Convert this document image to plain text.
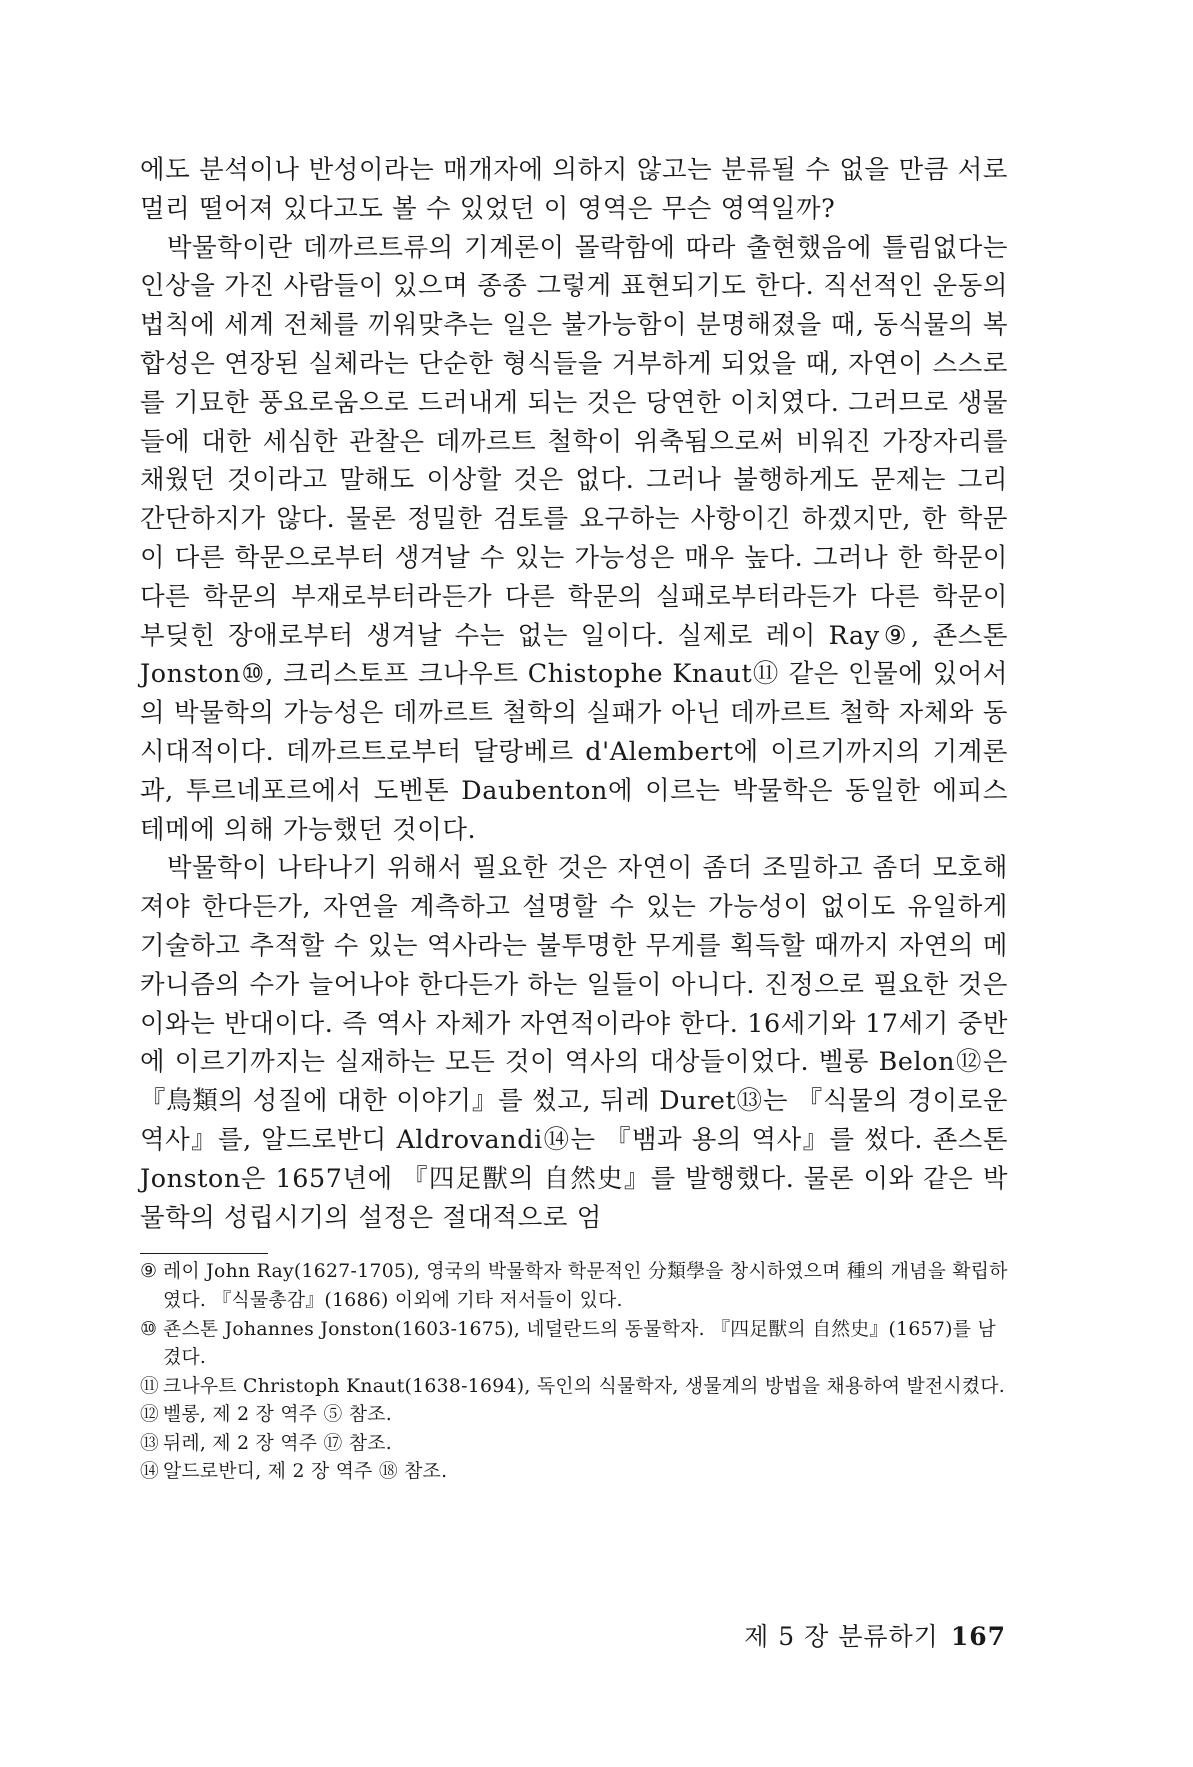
에도 분석이나 반성이라는 매개자에 의하지 않고는 분류될 수 없을 만큼 서로 멀리 떨어져 있다고도 볼 수 있었던 이 영역은 무슨 영역일까?

박물학이란 데까르트류의 기계론이 몰락함에 따라 출현했음에 틀림없다는 인상을 가진 사람들이 있으며 종종 그렇게 표현되기도 한다. 직선적인 운동의 법칙에 세계 전체를 끼워맞추는 일은 불가능함이 분명해졌을 때, 동식물의 복합성은 연장된 실체라는 단순한 형식들을 거부하게 되었을 때, 자연이 스스로를 기묘한 풍요로움으로 드러내게 되는 것은 당연한 이치였다. 그러므로 생물들에 대한 세심한 관찰은 데까르트 철학이 위축됨으로써 비워진 가장자리를 채웠던 것이라고 말해도 이상할 것은 없다. 그러나 불행하게도 문제는 그리 간단하지가 않다. 물론 정밀한 검토를 요구하는 사항이긴 하겠지만, 한 학문이 다른 학문으로부터 생겨날 수 있는 가능성은 매우 높다. 그러나 한 학문이 다른 학문의 부재로부터라든가 다른 학문의 실패로부터라든가 다른 학문이 부딪힌 장애로부터 생겨날 수는 없는 일이다. 실제로 레이 Ray⑨, 죤스톤 Jonston⑩, 크리스토프 크나우트 Chistophe Knaut⑪ 같은 인물에 있어서의 박물학의 가능성은 데까르트 철학의 실패가 아닌 데까르트 철학 자체와 동시대적이다. 데까르트로부터 달랑베르 d'Alembert에 이르기까지의 기계론과, 투르네포르에서 도벤톤 Daubenton에 이르는 박물학은 동일한 에피스테메에 의해 가능했던 것이다.

박물학이 나타나기 위해서 필요한 것은 자연이 좀더 조밀하고 좀더 모호해져야 한다든가, 자연을 계측하고 설명할 수 있는 가능성이 없이도 유일하게 기술하고 추적할 수 있는 역사라는 불투명한 무게를 획득할 때까지 자연의 메카니즘의 수가 늘어나야 한다든가 하는 일들이 아니다. 진정으로 필요한 것은 이와는 반대이다. 즉 역사 자체가 자연적이라야 한다. 16세기와 17세기 중반에 이르기까지는 실재하는 모든 것이 역사의 대상들이었다. 벨롱 Belon⑫은 『鳥類의 성질에 대한 이야기』를 썼고, 뒤레 Duret⑬는 『식물의 경이로운 역사』를, 알드로반디 Aldrovandi⑭는 『뱀과 용의 역사』를 썼다. 죤스톤 Jonston은 1657년에 『四足獸의 自然史』를 발행했다. 물론 이와 같은 박물학의 성립시기의 설정은 절대적으로 엄

⑨ 레이 John Ray(1627-1705), 영국의 박물학자 학문적인 分類學을 창시하였으며 種의 개념을 확립하였다. 『식물총감』(1686) 이외에 기타 저서들이 있다.

⑩ 죤스톤 Johannes Jonston(1603-1675), 네덜란드의 동물학자. 『四足獸의 自然史』(1657)를 남겼다.

⑪ 크나우트 Christoph Knaut(1638-1694), 독인의 식물학자, 생물계의 방법을 채용하여 발전시켰다.

⑫ 벨롱, 제 2 장 역주 ⑤ 참조.

⑬ 뒤레, 제 2 장 역주 ⑰ 참조.

⑭ 알드로반디, 제 2 장 역주 ⑱ 참조.

제 5 장 분류하기 167
